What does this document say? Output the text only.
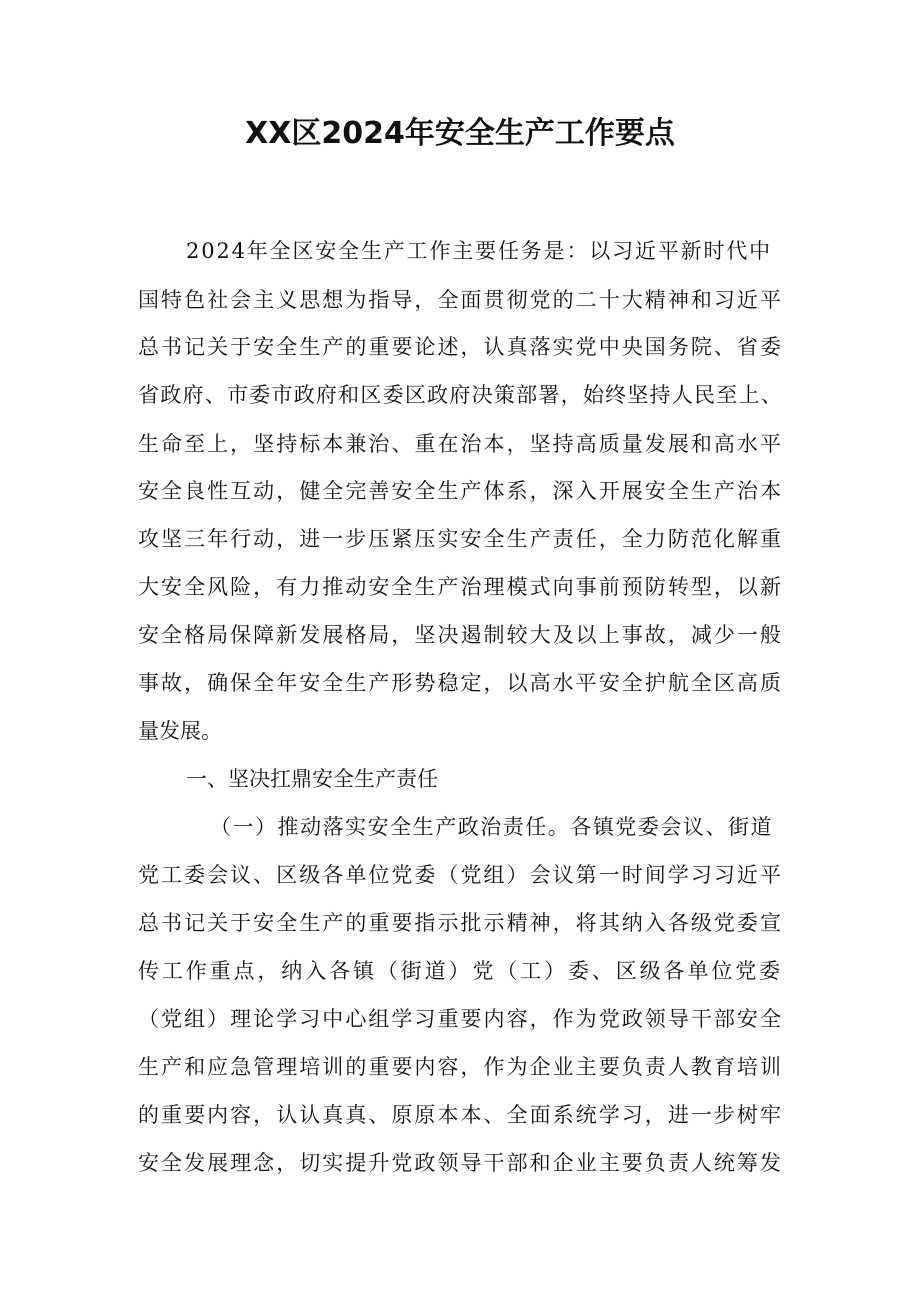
XX区2024年安全生产工作要点
2024年全区安全生产工作主要任务是：以习近平新时代中
国特色社会主义思想为指导，全面贯彻党的二十大精神和习近平
总书记关于安全生产的重要论述，认真落实党中央国务院、省委
省政府、市委市政府和区委区政府决策部署，始终坚持人民至上、
生命至上，坚持标本兼治、重在治本，坚持高质量发展和高水平
安全良性互动，健全完善安全生产体系，深入开展安全生产治本
攻坚三年行动，进一步压紧压实安全生产责任，全力防范化解重
大安全风险，有力推动安全生产治理模式向事前预防转型，以新
安全格局保障新发展格局，坚决遏制较大及以上事故，减少一般
事故，确保全年安全生产形势稳定，以高水平安全护航全区高质
量发展。
一、坚决扛鼎安全生产责任
（一）推动落实安全生产政治责任。各镇党委会议、街道
党工委会议、区级各单位党委（党组）会议第一时间学习习近平
总书记关于安全生产的重要指示批示精神，将其纳入各级党委宣
传工作重点，纳入各镇（街道）党（工）委、区级各单位党委
（党组）理论学习中心组学习重要内容，作为党政领导干部安全
生产和应急管理培训的重要内容，作为企业主要负责人教育培训
的重要内容，认认真真、原原本本、全面系统学习，进一步树牢
安全发展理念，切实提升党政领导干部和企业主要负责人统筹发
